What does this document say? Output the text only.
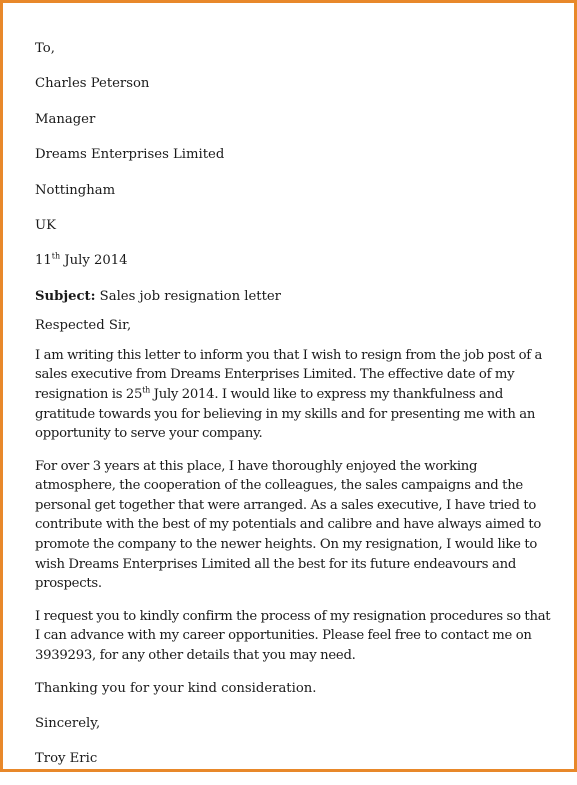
To,
Charles Peterson
Manager
Dreams Enterprises Limited
Nottingham
UK
11th July 2014
Subject: Sales job resignation letter
Respected Sir,

I am writing this letter to inform you that I wish to resign from the job post of a sales executive from Dreams Enterprises Limited. The effective date of my resignation is 25th July 2014. I would like to express my thankfulness and gratitude towards you for believing in my skills and for presenting me with an opportunity to serve your company.

For over 3 years at this place, I have thoroughly enjoyed the working atmosphere, the cooperation of the colleagues, the sales campaigns and the personal get together that were arranged. As a sales executive, I have tried to contribute with the best of my potentials and calibre and have always aimed to promote the company to the newer heights. On my resignation, I would like to wish Dreams Enterprises Limited all the best for its future endeavours and prospects.

I request you to kindly confirm the process of my resignation procedures so that I can advance with my career opportunities. Please feel free to contact me on 3939293, for any other details that you may need.

Thanking you for your kind consideration.
Sincerely,
Troy Eric
